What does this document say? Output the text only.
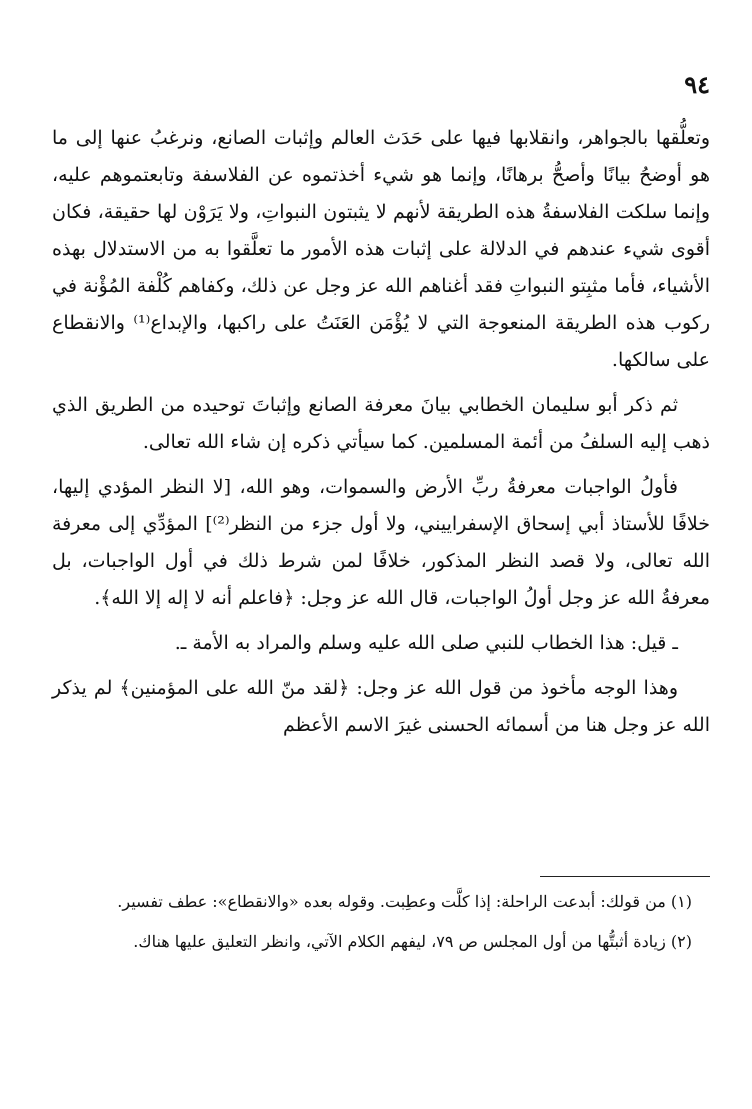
٩٤

وتعلُّقها بالجواهر، وانقلابها فيها على حَدَث العالم وإثبات الصانع، ونرغبُ عنها إلى ما هو أوضحُ بيانًا وأصحُّ برهانًا، وإنما هو شيء أخذتموه عن الفلاسفة وتابعتموهم عليه، وإنما سلكت الفلاسفةُ هذه الطريقة لأنهم لا يثبتون النبواتِ، ولا يَرَوْن لها حقيقة، فكان أقوى شيء عندهم في الدلالة على إثبات هذه الأمور ما تعلَّقوا به من الاستدلال بهذه الأشياء، فأما مثبِتو النبواتِ فقد أغناهم الله عز وجل عن ذلك، وكفاهم كُلْفة المُؤْنة في ركوب هذه الطريقة المنعوجة التي لا يُؤْمَن العَنَتُ على راكبها، والإبداع⁽¹⁾ والانقطاع على سالكها.

ثم ذكر أبو سليمان الخطابي بيانَ معرفة الصانع وإثباتَ توحيده من الطريق الذي ذهب إليه السلفُ من أئمة المسلمين. كما سيأتي ذكره إن شاء الله تعالى.

فأولُ الواجبات معرفةُ ربِّ الأرض والسموات، وهو الله، [لا النظر المؤدي إليها، خلافًا للأستاذ أبي إسحاق الإسفراييني، ولا أول جزء من النظر⁽²⁾] المؤدِّي إلى معرفة الله تعالى، ولا قصد النظر المذكور، خلافًا لمن شرط ذلك في أول الواجبات، بل معرفةُ الله عز وجل أولُ الواجبات، قال الله عز وجل: ﴿فاعلم أنه لا إله إلا الله﴾.

ـ قيل: هذا الخطاب للنبي صلى الله عليه وسلم والمراد به الأمة ـ.

وهذا الوجه مأخوذ من قول الله عز وجل: ﴿لقد منّ الله على المؤمنين﴾ لم يذكر الله عز وجل هنا من أسمائه الحسنى غيرَ الاسم الأعظم

(١) من قولك: أبدعت الراحلة: إذا كلَّت وعطِبت. وقوله بعده «والانقطاع»: عطف تفسير.

(٢) زيادة أثبتُّها من أول المجلس ص ٧٩، ليفهم الكلام الآتي، وانظر التعليق عليها هناك.
